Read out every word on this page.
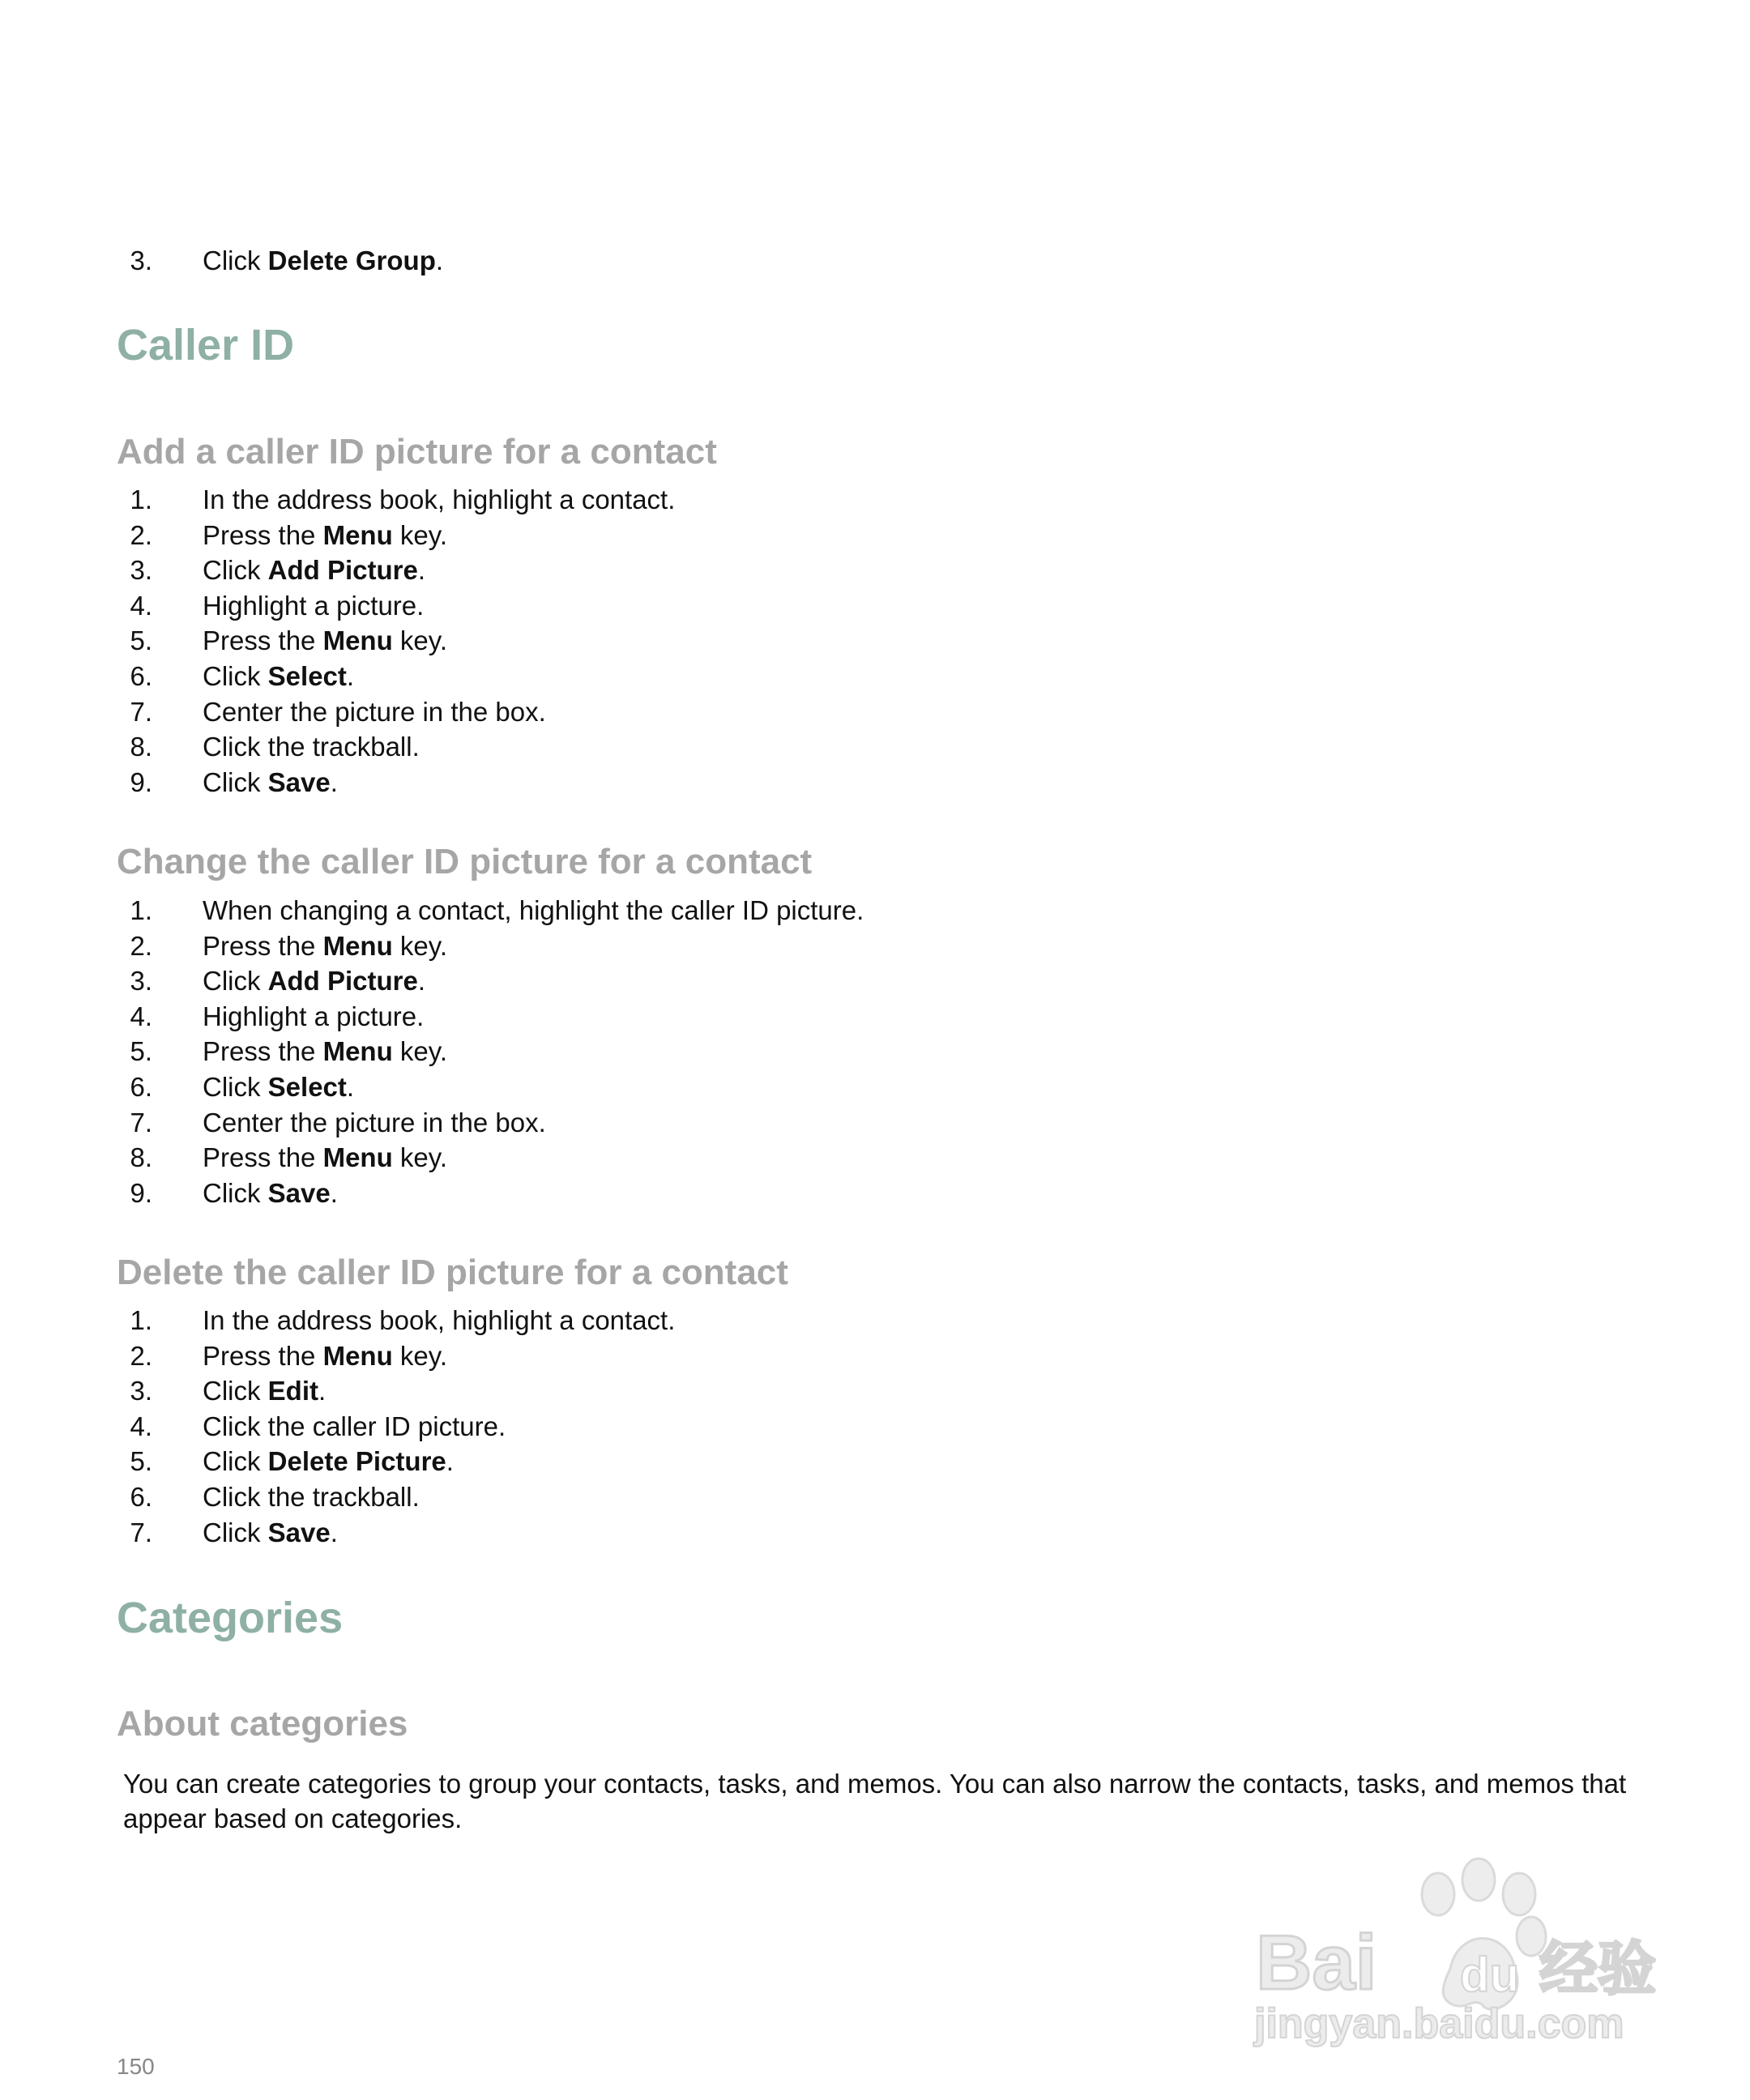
3. Click Delete Group.
Caller ID
Add a caller ID picture for a contact
1. In the address book, highlight a contact.
2. Press the Menu key.
3. Click Add Picture.
4. Highlight a picture.
5. Press the Menu key.
6. Click Select.
7. Center the picture in the box.
8. Click the trackball.
9. Click Save.
Change the caller ID picture for a contact
1. When changing a contact, highlight the caller ID picture.
2. Press the Menu key.
3. Click Add Picture.
4. Highlight a picture.
5. Press the Menu key.
6. Click Select.
7. Center the picture in the box.
8. Press the Menu key.
9. Click Save.
Delete the caller ID picture for a contact
1. In the address book, highlight a contact.
2. Press the Menu key.
3. Click Edit.
4. Click the caller ID picture.
5. Click Delete Picture.
6. Click the trackball.
7. Click Save.
Categories
About categories
You can create categories to group your contacts, tasks, and memos. You can also narrow the contacts, tasks, and memos that appear based on categories.
Bai du 经验
jingyan.baidu.com
150
